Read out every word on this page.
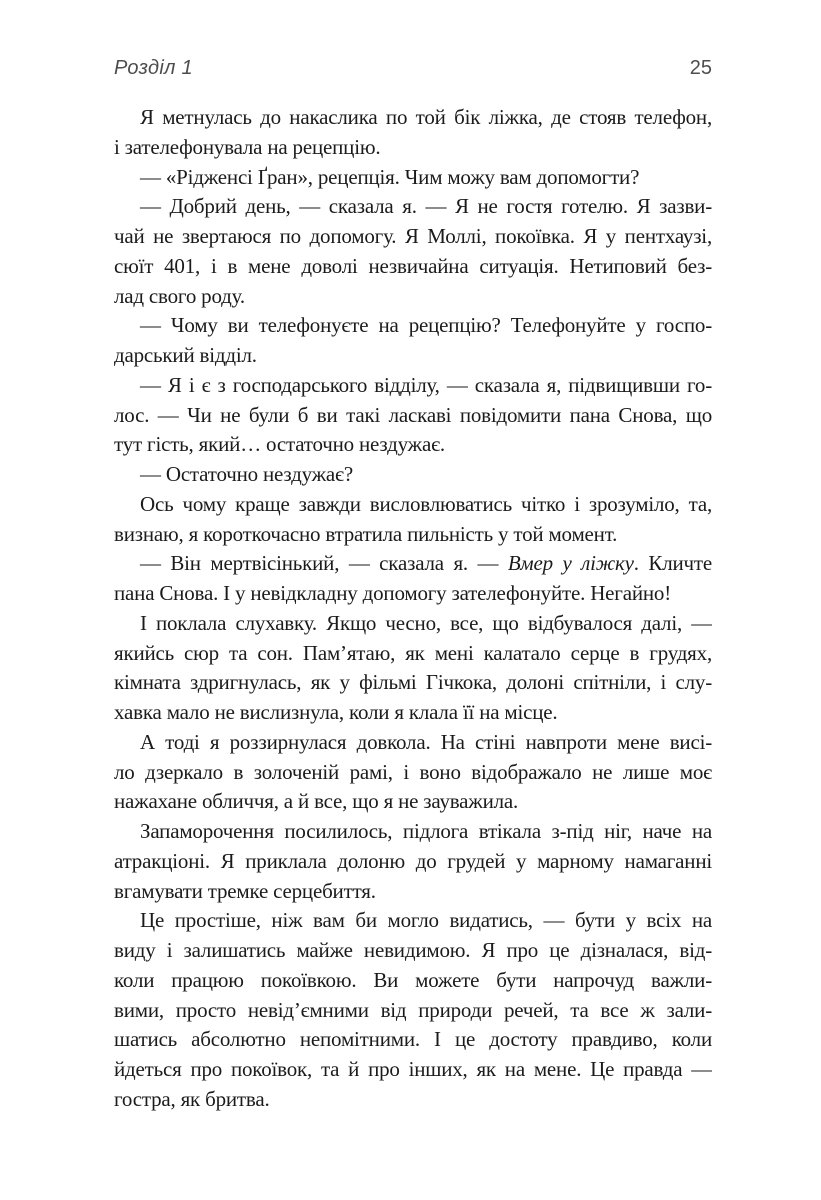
Розділ 1	25
Я метнулась до накаслика по той бік ліжка, де стояв телефон,
і зателефонувала на рецепцію.
— «Рідженсі Ґран», рецепція. Чим можу вам допомогти?
— Добрий день, — сказала я. — Я не гостя готелю. Я зазви-
чай не звертаюся по допомогу. Я Моллі, покоївка. Я у пентхаузі,
сюїт 401, і в мене доволі незвичайна ситуація. Нетиповий без-
лад свого роду.
— Чому ви телефонуєте на рецепцію? Телефонуйте у госпо-
дарський відділ.
— Я і є з господарського відділу, — сказала я, підвищивши го-
лос. — Чи не були б ви такі ласкаві повідомити пана Снова, що
тут гість, який… остаточно нездужає.
— Остаточно нездужає?
Ось чому краще завжди висловлюватись чітко і зрозуміло, та,
визнаю, я короткочасно втратила пильність у той момент.
— Він мертвісінький, — сказала я. — Вмер у ліжку. Кличте
пана Снова. І у невідкладну допомогу зателефонуйте. Негайно!
І поклала слухавку. Якщо чесно, все, що відбувалося далі, —
якийсь сюр та сон. Пам’ятаю, як мені калатало серце в грудях,
кімната здригнулась, як у фільмі Гічкока, долоні спітніли, і слу-
хавка мало не вислизнула, коли я клала її на місце.
А тоді я роззирнулася довкола. На стіні навпроти мене висі-
ло дзеркало в золоченій рамі, і воно відображало не лише моє
нажахане обличчя, а й все, що я не зауважила.
Запаморочення посилилось, підлога втікала з-під ніг, наче на
атракціоні. Я приклала долоню до грудей у марному намаганні
вгамувати тремке серцебиття.
Це простіше, ніж вам би могло видатись, — бути у всіх на
виду і залишатись майже невидимою. Я про це дізналася, від-
коли працюю покоївкою. Ви можете бути напрочуд важли-
вими, просто невід’ємними від природи речей, та все ж зали-
шатись абсолютно непомітними. І це достоту правдиво, коли
йдеться про покоївок, та й про інших, як на мене. Це правда —
гостра, як бритва.
